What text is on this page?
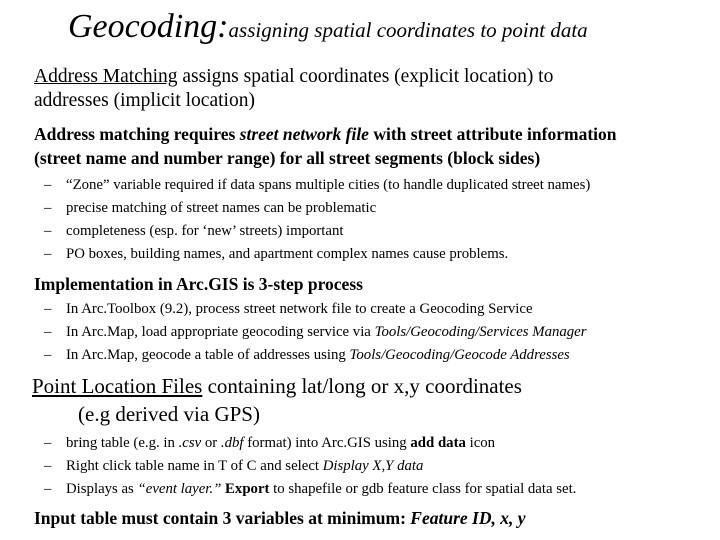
Geocoding:assigning spatial coordinates to point data
Address Matching assigns spatial coordinates (explicit location) to
addresses (implicit location)
Address matching requires street network file with street attribute information
(street name and number range) for all street segments (block sides)
– “Zone” variable required if data spans multiple cities (to handle duplicated street names)
– precise matching of street names can be problematic
– completeness (esp. for ‘new’ streets) important
– PO boxes, building names, and apartment complex names cause problems.
Implementation in Arc.GIS is 3-step process
– In Arc.Toolbox (9.2), process street network file to create a Geocoding Service
– In Arc.Map, load appropriate geocoding service via Tools/Geocoding/Services Manager
– In Arc.Map, geocode a table of addresses using Tools/Geocoding/Geocode Addresses
Point Location Files containing lat/long or x,y coordinates
(e.g derived via GPS)
– bring table (e.g. in .csv or .dbf format) into Arc.GIS using add data icon
– Right click table name in T of C and select Display X,Y data
– Displays as “event layer.” Export to shapefile or gdb feature class for spatial data set.
Input table must contain 3 variables at minimum: Feature ID, x, y
